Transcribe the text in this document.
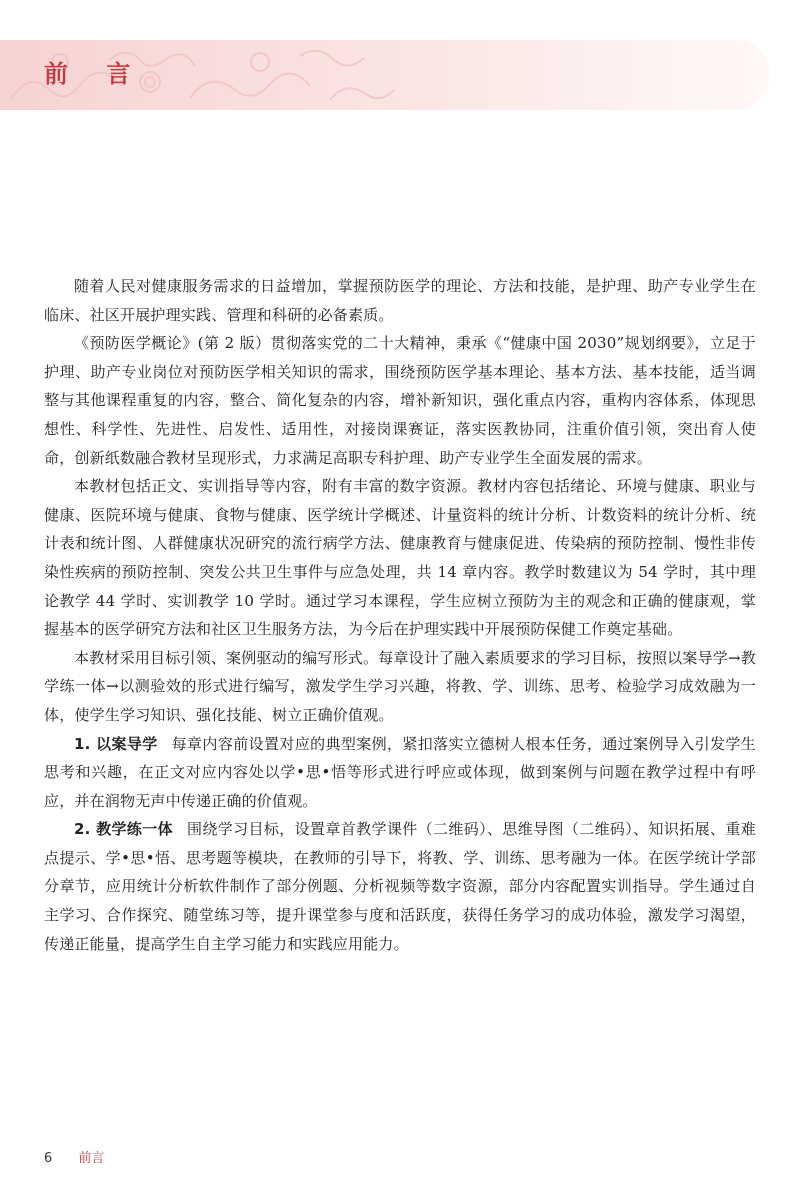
前 言

随着人民对健康服务需求的日益增加，掌握预防医学的理论、方法和技能，是护理、助产专业学生在临床、社区开展护理实践、管理和科研的必备素质。

《预防医学概论》(第 2 版）贯彻落实党的二十大精神，秉承《“健康中国 2030”规划纲要》，立足于护理、助产专业岗位对预防医学相关知识的需求，围绕预防医学基本理论、基本方法、基本技能，适当调整与其他课程重复的内容，整合、简化复杂的内容，增补新知识，强化重点内容，重构内容体系，体现思想性、科学性、先进性、启发性、适用性，对接岗课赛证，落实医教协同，注重价值引领，突出育人使命，创新纸数融合教材呈现形式，力求满足高职专科护理、助产专业学生全面发展的需求。

本教材包括正文、实训指导等内容，附有丰富的数字资源。教材内容包括绪论、环境与健康、职业与健康、医院环境与健康、食物与健康、医学统计学概述、计量资料的统计分析、计数资料的统计分析、统计表和统计图、人群健康状况研究的流行病学方法、健康教育与健康促进、传染病的预防控制、慢性非传染性疾病的预防控制、突发公共卫生事件与应急处理，共 14 章内容。教学时数建议为 54 学时，其中理论教学 44 学时、实训教学 10 学时。通过学习本课程，学生应树立预防为主的观念和正确的健康观，掌握基本的医学研究方法和社区卫生服务方法，为今后在护理实践中开展预防保健工作奠定基础。

本教材采用目标引领、案例驱动的编写形式。每章设计了融入素质要求的学习目标，按照以案导学→教学练一体→以测验效的形式进行编写，激发学生学习兴趣，将教、学、训练、思考、检验学习成效融为一体，使学生学习知识、强化技能、树立正确价值观。

1. 以案导学 每章内容前设置对应的典型案例，紧扣落实立德树人根本任务，通过案例导入引发学生思考和兴趣，在正文对应内容处以学•思•悟等形式进行呼应或体现，做到案例与问题在教学过程中有呼应，并在润物无声中传递正确的价值观。

2. 教学练一体 围绕学习目标，设置章首教学课件（二维码）、思维导图（二维码）、知识拓展、重难点提示、学•思•悟、思考题等模块，在教师的引导下，将教、学、训练、思考融为一体。在医学统计学部分章节，应用统计分析软件制作了部分例题、分析视频等数字资源，部分内容配置实训指导。学生通过自主学习、合作探究、随堂练习等，提升课堂参与度和活跃度，获得任务学习的成功体验，激发学习渴望，传递正能量，提高学生自主学习能力和实践应用能力。

6 前言
